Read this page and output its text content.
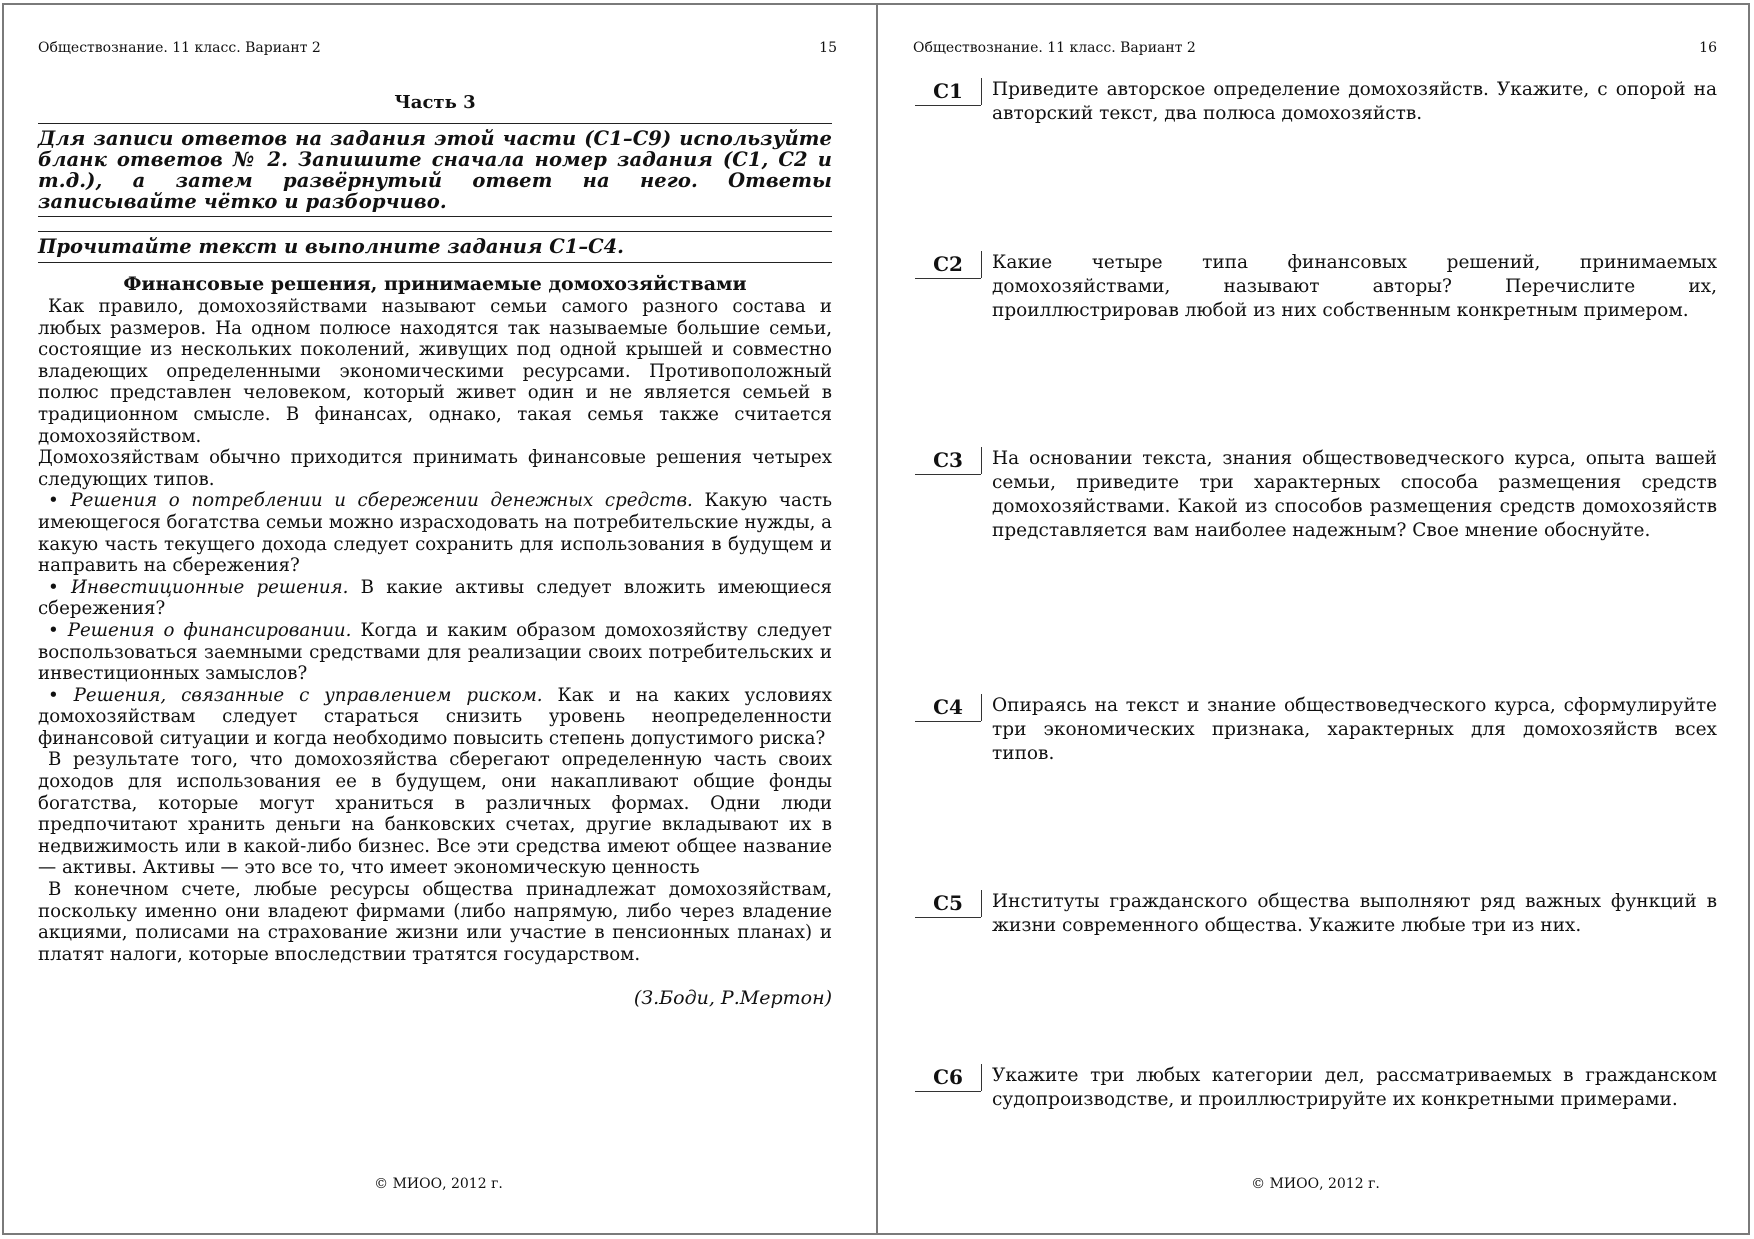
Обществознание. 11 класс. Вариант 2	15
Часть 3
Для записи ответов на задания этой части (С1–С9) используйте бланк ответов № 2. Запишите сначала номер задания (С1, С2 и т.д.), а затем развёрнутый ответ на него. Ответы записывайте чётко и разборчиво.
Прочитайте текст и выполните задания С1–С4.
Финансовые решения, принимаемые домохозяйствами

Как правило, домохозяйствами называют семьи самого разного состава и любых размеров. На одном полюсе находятся так называемые большие семьи, состоящие из нескольких поколений, живущих под одной крышей и совместно владеющих определенными экономическими ресурсами. Противоположный полюс представлен человеком, который живет один и не является семьей в традиционном смысле. В финансах, однако, такая семья также считается домохозяйством.

Домохозяйствам обычно приходится принимать финансовые решения четырех следующих типов.

• Решения о потреблении и сбережении денежных средств. Какую часть имеющегося богатства семьи можно израсходовать на потребительские нужды, а какую часть текущего дохода следует сохранить для использования в будущем и направить на сбережения?

• Инвестиционные решения. В какие активы следует вложить имеющиеся сбережения?

• Решения о финансировании. Когда и каким образом домохозяйству следует воспользоваться заемными средствами для реализации своих потребительских и инвестиционных замыслов?

• Решения, связанные с управлением риском. Как и на каких условиях домохозяйствам следует стараться снизить уровень неопределенности финансовой ситуации и когда необходимо повысить степень допустимого риска?

В результате того, что домохозяйства сберегают определенную часть своих доходов для использования ее в будущем, они накапливают общие фонды богатства, которые могут храниться в различных формах. Одни люди предпочитают хранить деньги на банковских счетах, другие вкладывают их в недвижимость или в какой-либо бизнес. Все эти средства имеют общее название — активы. Активы — это все то, что имеет экономическую ценность

В конечном счете, любые ресурсы общества принадлежат домохозяйствам, поскольку именно они владеют фирмами (либо напрямую, либо через владение акциями, полисами на страхование жизни или участие в пенсионных планах) и платят налоги, которые впоследствии тратятся государством.

(З.Боди, Р.Мертон)
© МИОО, 2012 г.
Обществознание. 11 класс. Вариант 2	16
С1	Приведите авторское определение домохозяйств. Укажите, с опорой на авторский текст, два полюса домохозяйств.
С2	Какие четыре типа финансовых решений, принимаемых домохозяйствами, называют авторы? Перечислите их, проиллюстрировав любой из них собственным конкретным примером.
С3	На основании текста, знания обществоведческого курса, опыта вашей семьи, приведите три характерных способа размещения средств домохозяйствами. Какой из способов размещения средств домохозяйств представляется вам наиболее надежным? Свое мнение обоснуйте.
С4	Опираясь на текст и знание обществоведческого курса, сформулируйте три экономических признака, характерных для домохозяйств всех типов.
С5	Институты гражданского общества выполняют ряд важных функций в жизни современного общества. Укажите любые три из них.
С6	Укажите три любых категории дел, рассматриваемых в гражданском судопроизводстве, и проиллюстрируйте их конкретными примерами.
© МИОО, 2012 г.
